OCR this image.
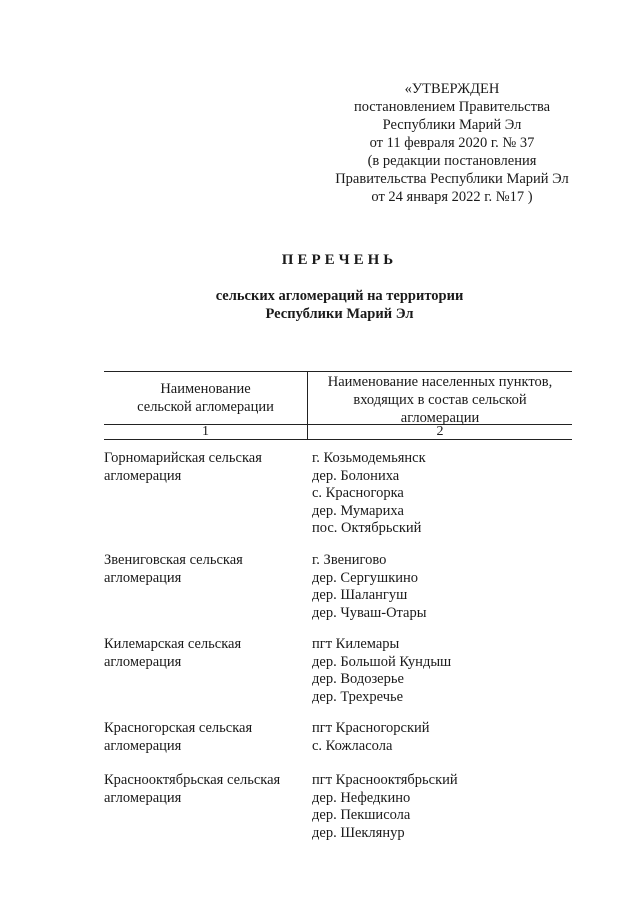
«УТВЕРЖДЕН
постановлением Правительства
Республики Марий Эл
от 11 февраля 2020 г. № 37
(в редакции постановления
Правительства Республики Марий Эл
от 24 января 2022 г. №17 )
ПЕРЕЧЕНЬ
сельских агломераций на территории
Республики Марий Эл
Наименование
сельской агломерации
Наименование населенных пунктов,
входящих в состав сельской
агломерации
1	2
Горномарийская сельская
агломерация
г. Козьмодемьянск
дер. Болониха
с. Красногорка
дер. Мумариха
пос. Октябрьский
Звениговская сельская
агломерация
г. Звенигово
дер. Сергушкино
дер. Шалангуш
дер. Чуваш-Отары
Килемарская сельская
агломерация
пгт Килемары
дер. Большой Кундыш
дер. Водозерье
дер. Трехречье
Красногорская сельская
агломерация
пгт Красногорский
с. Кожласола
Краснооктябрьская сельская
агломерация
пгт Краснооктябрьский
дер. Нефедкино
дер. Пекшисола
дер. Шеклянур
